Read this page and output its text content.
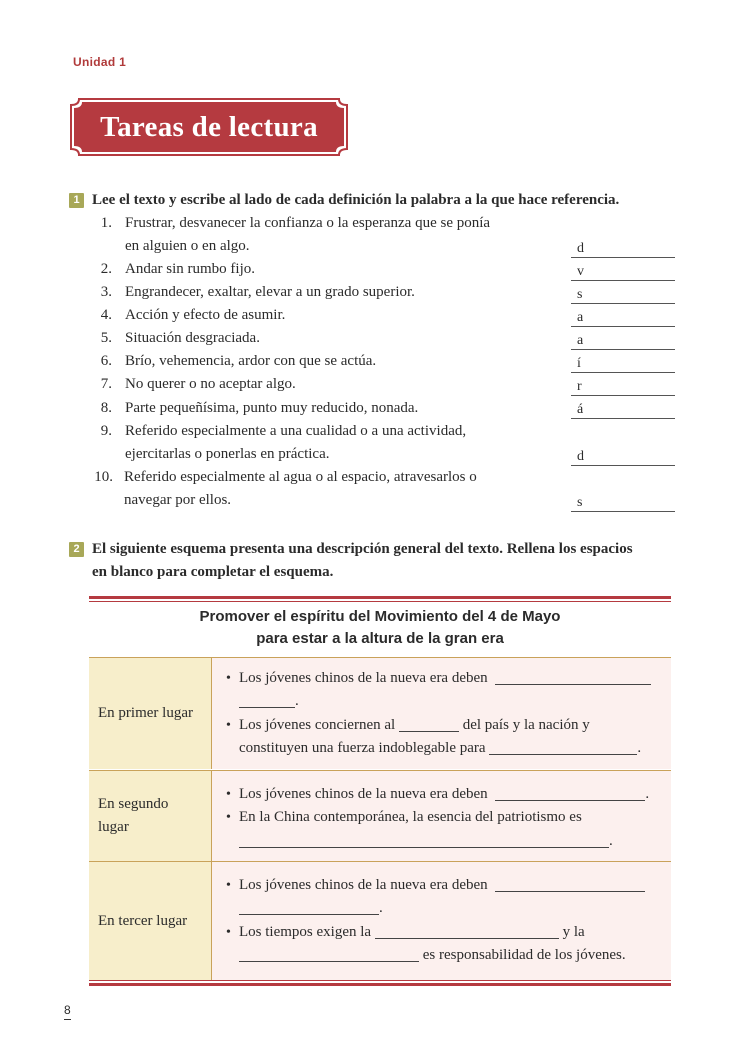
Unidad 1
Tareas de lectura
1 Lee el texto y escribe al lado de cada definición la palabra a la que hace referencia.
1. Frustrar, desvanecer la confianza o la esperanza que se ponía
en alguien o en algo.	d
2. Andar sin rumbo fijo.	v
3. Engrandecer, exaltar, elevar a un grado superior.	s
4. Acción y efecto de asumir.	a
5. Situación desgraciada.	a
6. Brío, vehemencia, ardor con que se actúa.	í
7. No querer o no aceptar algo.	r
8. Parte pequeñísima, punto muy reducido, nonada.	á
9. Referido especialmente a una cualidad o a una actividad,
ejercitarlas o ponerlas en práctica.	d
10. Referido especialmente al agua o al espacio, atravesarlos o
navegar por ellos.	s
2 El siguiente esquema presenta una descripción general del texto. Rellena los espacios
en blanco para completar el esquema.
Promover el espíritu del Movimiento del 4 de Mayo
para estar a la altura de la gran era
En primer lugar
• Los jóvenes chinos de la nueva era deben
.
• Los jóvenes conciernen al	del país y la nación y
constituyen una fuerza indoblegable para	.
En segundo lugar
• Los jóvenes chinos de la nueva era deben	.
• En la China contemporánea, la esencia del patriotismo es
.
En tercer lugar
• Los jóvenes chinos de la nueva era deben
.
• Los tiempos exigen la	y la
es responsabilidad de los jóvenes.
8
